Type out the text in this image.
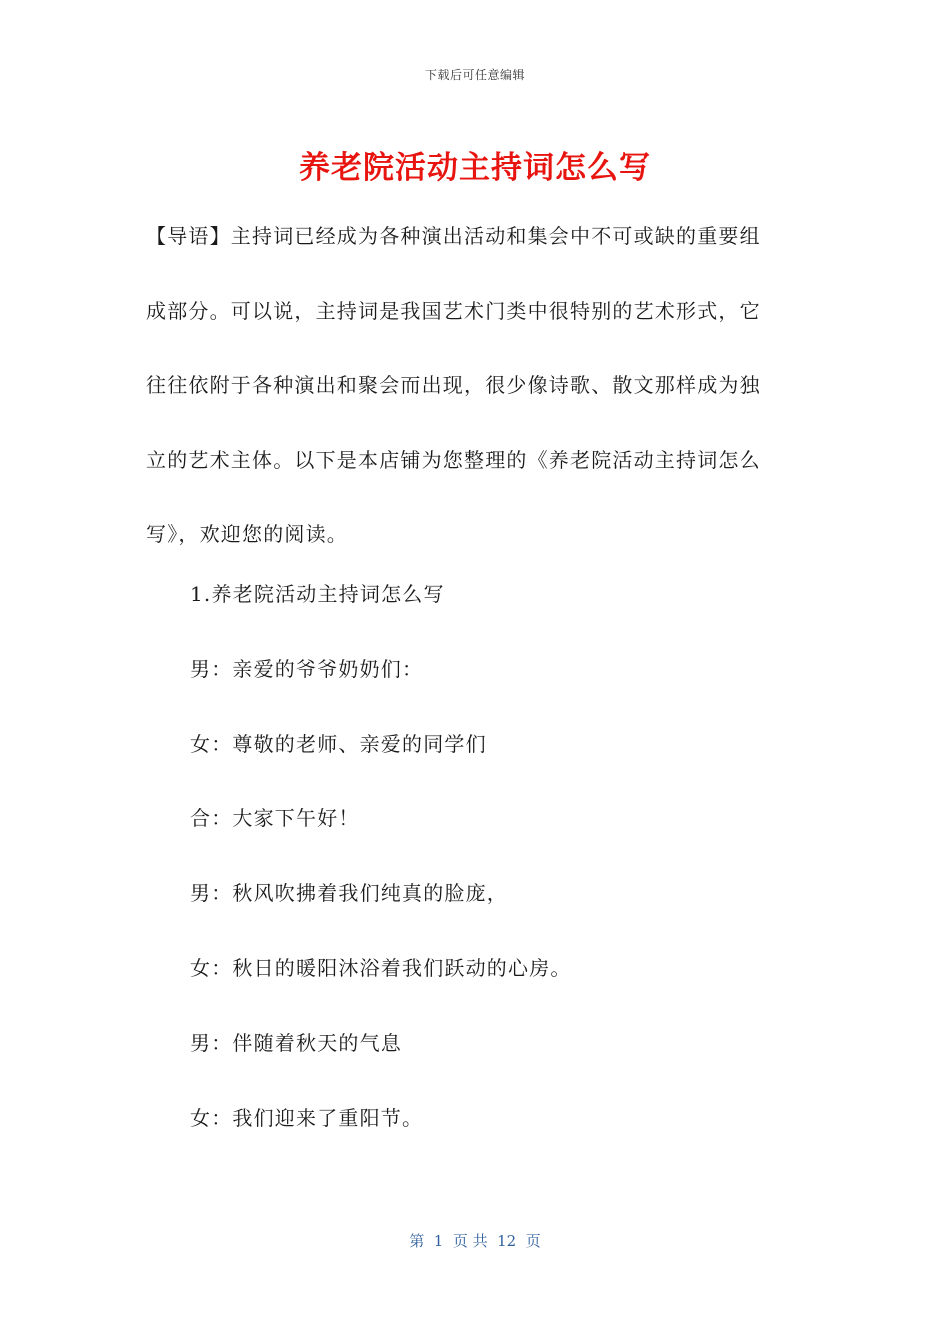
下载后可任意编辑
养老院活动主持词怎么写
【导语】主持词已经成为各种演出活动和集会中不可或缺的重要组
成部分。可以说，主持词是我国艺术门类中很特别的艺术形式，它
往往依附于各种演出和聚会而出现，很少像诗歌、散文那样成为独
立的艺术主体。以下是本店铺为您整理的《养老院活动主持词怎么
写》，欢迎您的阅读。
1.养老院活动主持词怎么写
男：亲爱的爷爷奶奶们：
女：尊敬的老师、亲爱的同学们
合：大家下午好！
男：秋风吹拂着我们纯真的脸庞，
女：秋日的暖阳沐浴着我们跃动的心房。
男：伴随着秋天的气息
女：我们迎来了重阳节。
第  1  页 共  12  页
